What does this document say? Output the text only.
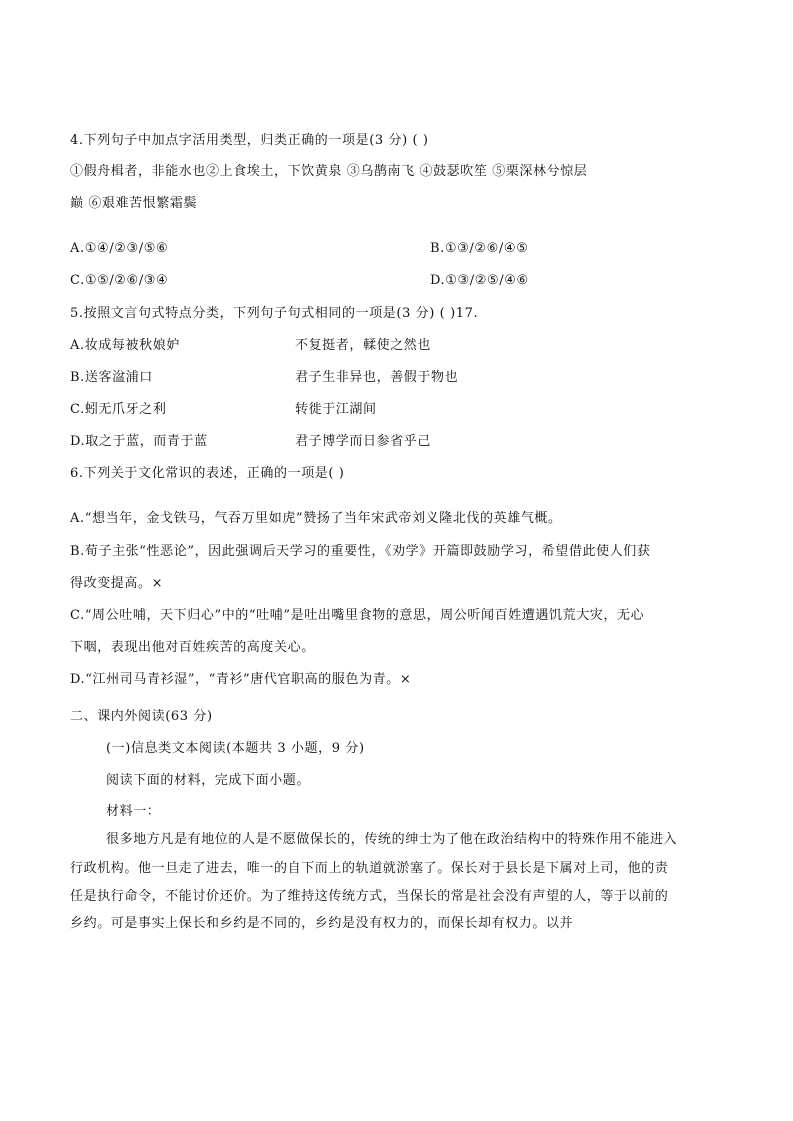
4.下列句子中加点字活用类型，归类正确的一项是(3 分) ( )
①假舟楫者，非能水也②上食埃土，下饮黄泉 ③乌鹊南飞 ④鼓瑟吹笙 ⑤栗深林兮惊层
巅 ⑥艰难苦恨繁霜鬓
A.①④/②③/⑤⑥	B.①③/②⑥/④⑤
C.①⑤/②⑥/③④	D.①③/②⑤/④⑥
5.按照文言句式特点分类，下列句子句式相同的一项是(3 分) ( )17.
A.妆成每被秋娘妒	不复挺者，輮使之然也
B.送客湓浦口	君子生非异也，善假于物也
C.蚓无爪牙之利	转徙于江湖间
D.取之于蓝，而青于蓝	君子博学而日参省乎己
6.下列关于文化常识的表述，正确的一项是( )
A.“想当年，金戈铁马，气吞万里如虎”赞扬了当年宋武帝刘义隆北伐的英雄气概。
B.荀子主张“性恶论”，因此强调后天学习的重要性，《劝学》开篇即鼓励学习，希望借此使人们获
得改变提高。×
C.“周公吐哺，天下归心”中的“吐哺”是吐出嘴里食物的意思，周公听闻百姓遭遇饥荒大灾，无心
下咽，表现出他对百姓疾苦的高度关心。
D.“江州司马青衫湿”，“青衫”唐代官职高的服色为青。×
二、课内外阅读(63 分)
(一)信息类文本阅读(本题共 3 小题，9 分)
阅读下面的材料，完成下面小题。
材料一：
很多地方凡是有地位的人是不愿做保长的，传统的绅士为了他在政治结构中的特殊作用不能进入
行政机构。他一旦走了进去，唯一的自下而上的轨道就淤塞了。保长对于县长是下属对上司，他的责
任是执行命令，不能讨价还价。为了维持这传统方式，当保长的常是社会没有声望的人，等于以前的
乡约。可是事实上保长和乡约是不同的，乡约是没有权力的，而保长却有权力。以并
